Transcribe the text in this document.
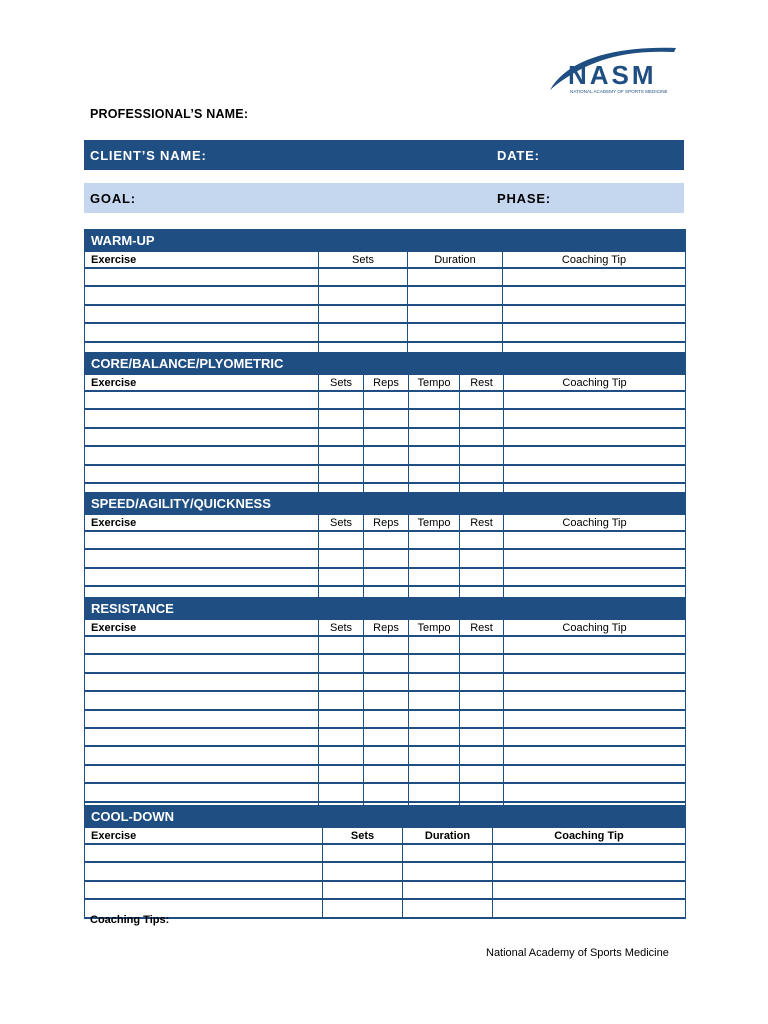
NASM
NATIONAL ACADEMY OF SPORTS MEDICINE
PROFESSIONAL’S NAME:
CLIENT’S NAME:	DATE:
GOAL:	PHASE:
WARM-UP			
Exercise	Sets	Duration	Coaching Tip

CORE/BALANCE/PLYOMETRIC					
Exercise	Sets	Reps	Tempo	Rest	Coaching Tip

SPEED/AGILITY/QUICKNESS					
Exercise	Sets	Reps	Tempo	Rest	Coaching Tip

RESISTANCE					
Exercise	Sets	Reps	Tempo	Rest	Coaching Tip

COOL-DOWN			
Exercise	Sets	Duration	Coaching Tip

Coaching Tips:
National Academy of Sports Medicine
